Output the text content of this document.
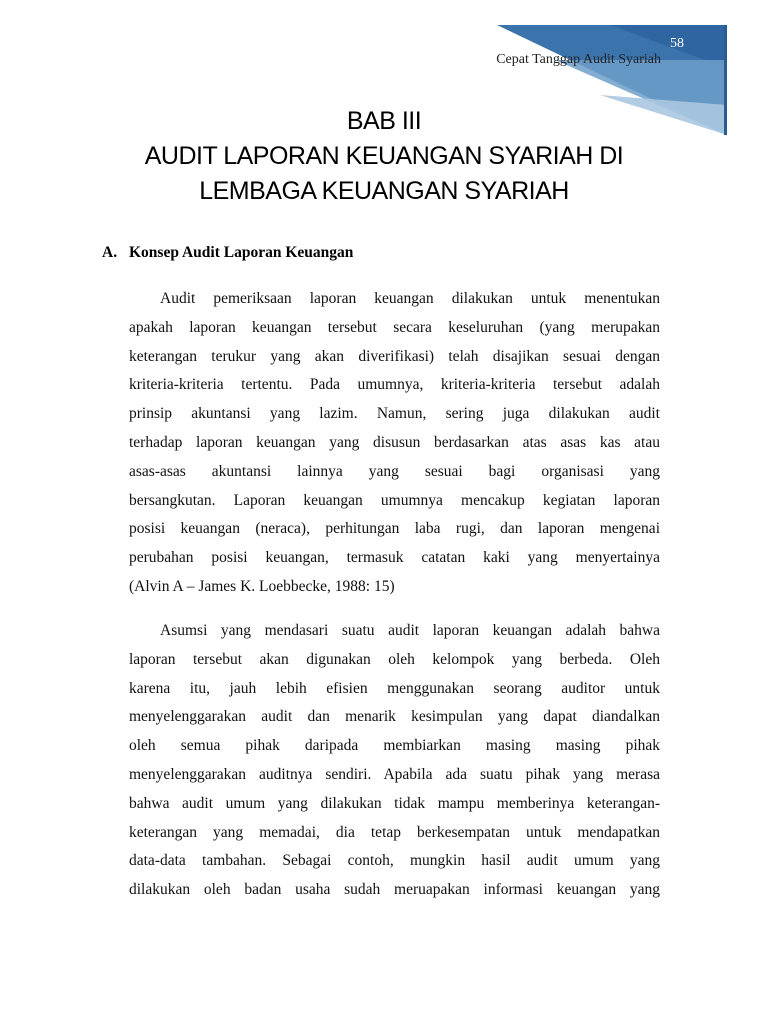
58
Cepat Tanggap Audit Syariah
BAB III
AUDIT LAPORAN KEUANGAN SYARIAH DI
LEMBAGA KEUANGAN SYARIAH
A. Konsep Audit Laporan Keuangan
Audit pemeriksaan laporan keuangan dilakukan untuk menentukan
apakah laporan keuangan tersebut secara keseluruhan (yang merupakan
keterangan terukur yang akan diverifikasi) telah disajikan sesuai dengan
kriteria-kriteria tertentu. Pada umumnya, kriteria-kriteria tersebut adalah
prinsip akuntansi yang lazim. Namun, sering juga dilakukan audit
terhadap laporan keuangan yang disusun berdasarkan atas asas kas atau
asas-asas akuntansi lainnya yang sesuai bagi organisasi yang
bersangkutan. Laporan keuangan umumnya mencakup kegiatan laporan
posisi keuangan (neraca), perhitungan laba rugi, dan laporan mengenai
perubahan posisi keuangan, termasuk catatan kaki yang menyertainya
(Alvin A – James K. Loebbecke, 1988: 15)
Asumsi yang mendasari suatu audit laporan keuangan adalah bahwa
laporan tersebut akan digunakan oleh kelompok yang berbeda. Oleh
karena itu, jauh lebih efisien menggunakan seorang auditor untuk
menyelenggarakan audit dan menarik kesimpulan yang dapat diandalkan
oleh semua pihak daripada membiarkan masing masing pihak
menyelenggarakan auditnya sendiri. Apabila ada suatu pihak yang merasa
bahwa audit umum yang dilakukan tidak mampu memberinya keterangan-
keterangan yang memadai, dia tetap berkesempatan untuk mendapatkan
data-data tambahan. Sebagai contoh, mungkin hasil audit umum yang
dilakukan oleh badan usaha sudah meruapakan informasi keuangan yang
